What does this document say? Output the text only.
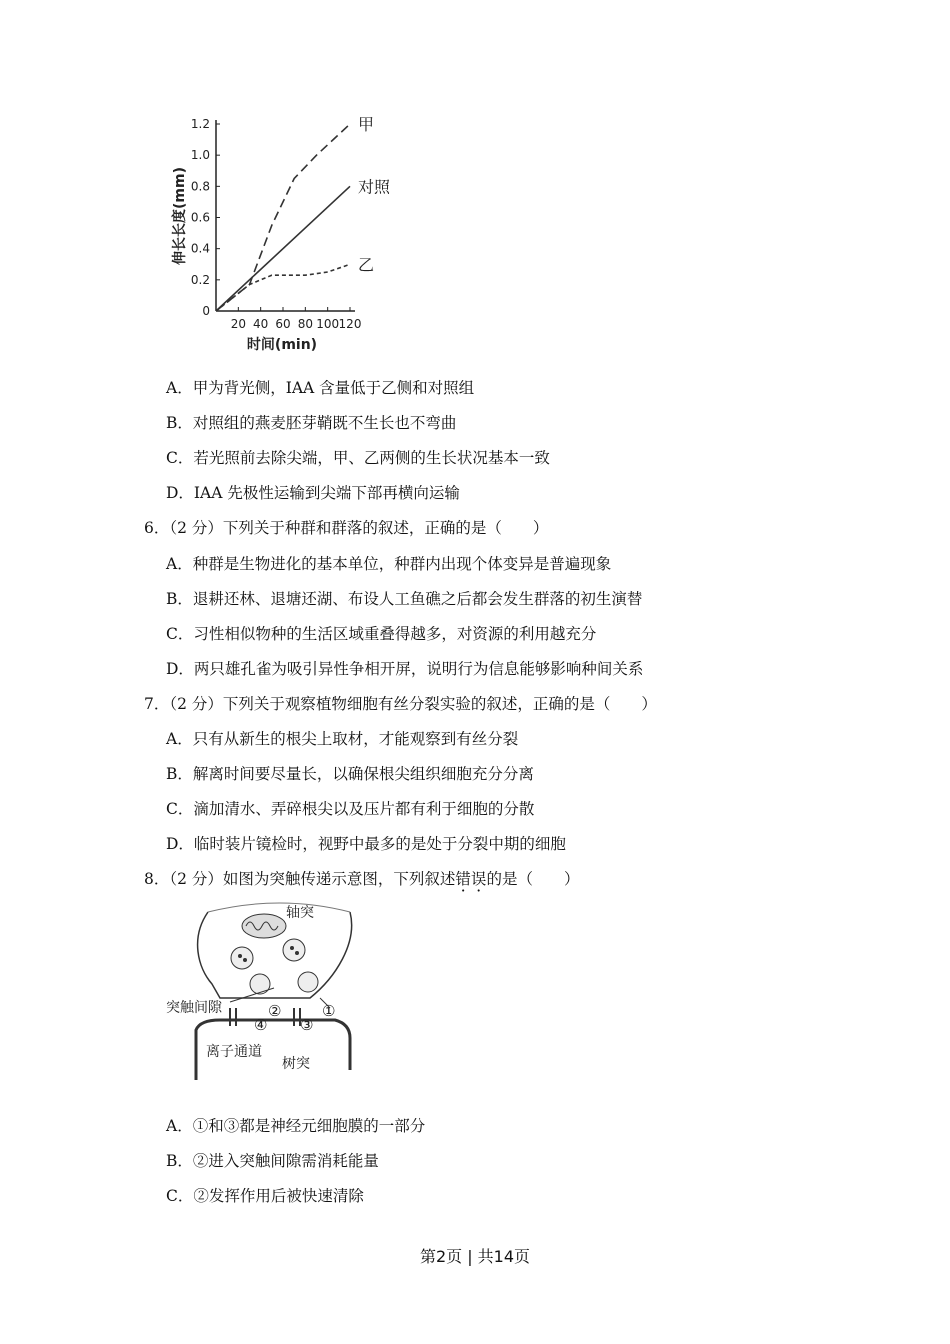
0
0.2
0.4
0.6
0.8
1.0
1.2
20 40 60 80 100 120
甲
对照
乙
伸长长度(mm)
时间(min)
A．甲为背光侧，IAA 含量低于乙侧和对照组
B．对照组的燕麦胚芽鞘既不生长也不弯曲
C．若光照前去除尖端，甲、乙两侧的生长状况基本一致
D．IAA 先极性运输到尖端下部再横向运输
6．（2 分）下列关于种群和群落的叙述，正确的是（　　）
A．种群是生物进化的基本单位，种群内出现个体变异是普遍现象
B．退耕还林、退塘还湖、布设人工鱼礁之后都会发生群落的初生演替
C．习性相似物种的生活区域重叠得越多，对资源的利用越充分
D．两只雄孔雀为吸引异性争相开屏，说明行为信息能够影响种间关系
7．（2 分）下列关于观察植物细胞有丝分裂实验的叙述，正确的是（　　）
A．只有从新生的根尖上取材，才能观察到有丝分裂
B．解离时间要尽量长，以确保根尖组织细胞充分分离
C．滴加清水、弄碎根尖以及压片都有利于细胞的分散
D．临时装片镜检时，视野中最多的是处于分裂中期的细胞
8．（2 分）如图为突触传递示意图，下列叙述错误的是（　　）
轴突
突触间隙
离子通道
树突
①
②
③
④
A．①和③都是神经元细胞膜的一部分
B．②进入突触间隙需消耗能量
C．②发挥作用后被快速清除
第2页 | 共14页
